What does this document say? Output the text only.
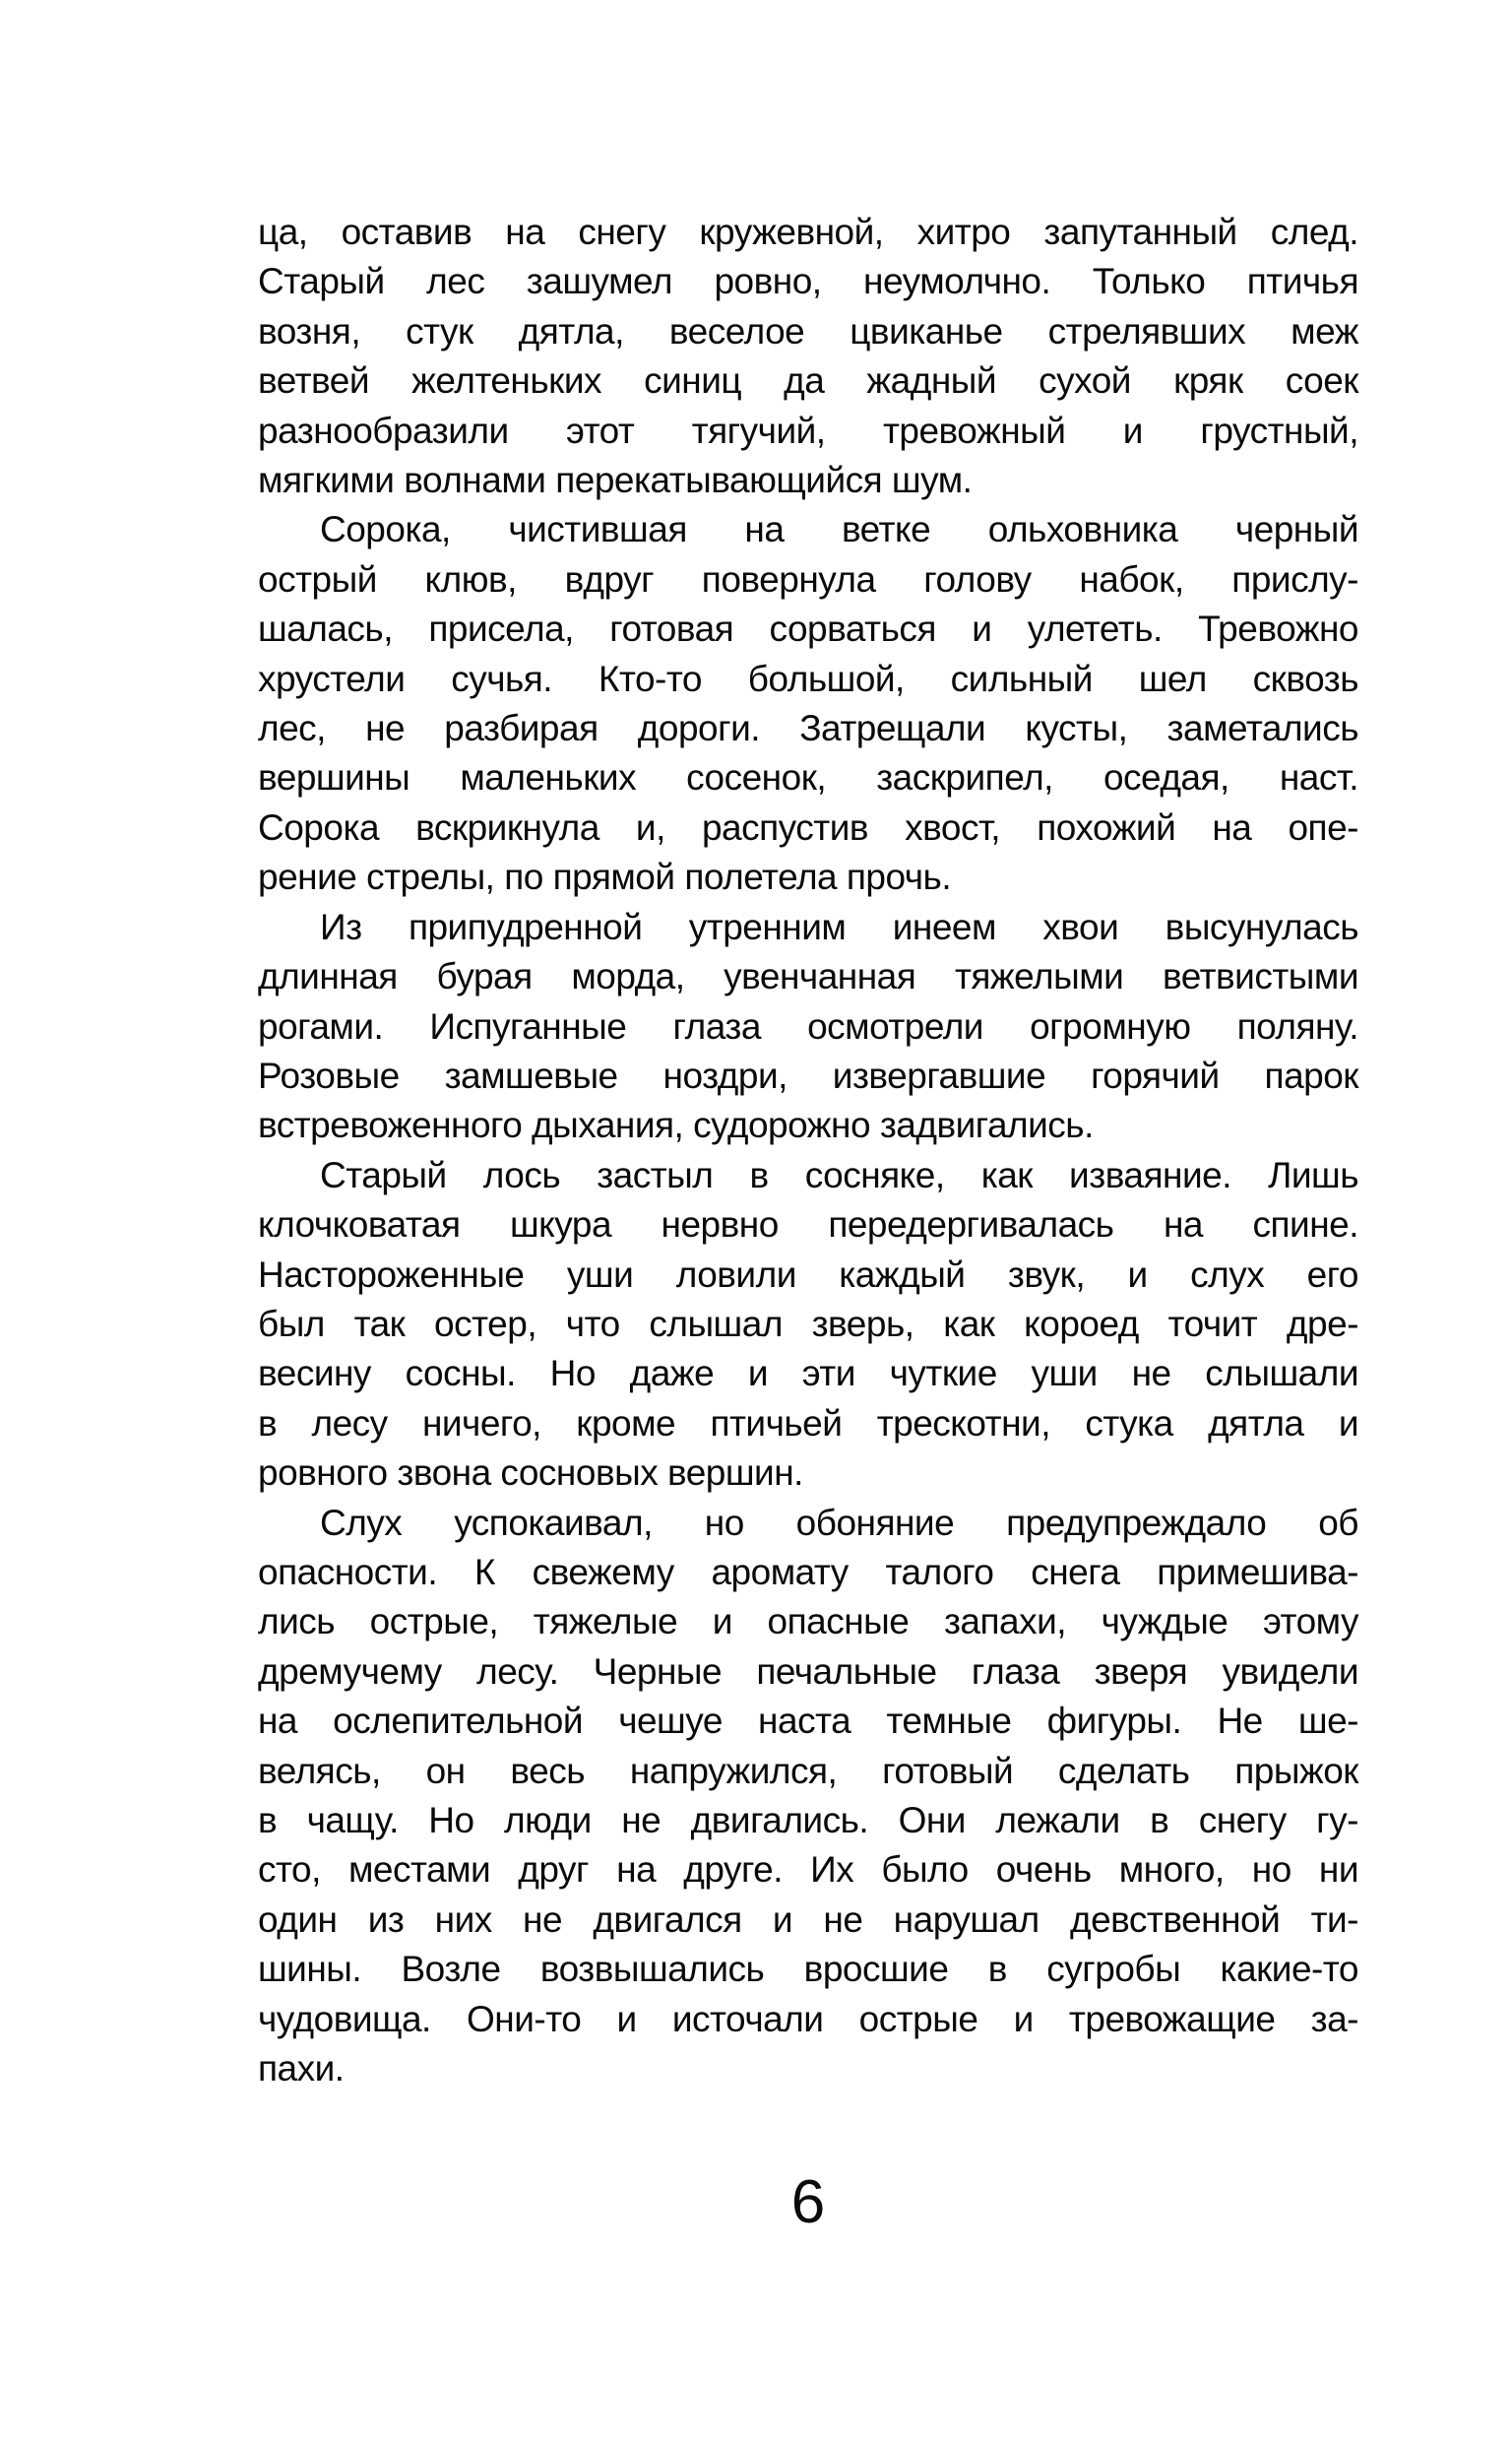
ца, оставив на снегу кружевной, хитро запутанный след.
Старый лес зашумел ровно, неумолчно. Только птичья
возня, стук дятла, веселое цвиканье стрелявших меж
ветвей желтеньких синиц да жадный сухой кряк соек
разнообразили этот тягучий, тревожный и грустный,
мягкими волнами перекатывающийся шум.
Сорока, чистившая на ветке ольховника черный
острый клюв, вдруг повернула голову набок, прислу-
шалась, присела, готовая сорваться и улететь. Тревожно
хрустели сучья. Кто-то большой, сильный шел сквозь
лес, не разбирая дороги. Затрещали кусты, заметались
вершины маленьких сосенок, заскрипел, оседая, наст.
Сорока вскрикнула и, распустив хвост, похожий на опе-
рение стрелы, по прямой полетела прочь.
Из припудренной утренним инеем хвои высунулась
длинная бурая морда, увенчанная тяжелыми ветвистыми
рогами. Испуганные глаза осмотрели огромную поляну.
Розовые замшевые ноздри, извергавшие горячий парок
встревоженного дыхания, судорожно задвигались.
Старый лось застыл в сосняке, как изваяние. Лишь
клочковатая шкура нервно передергивалась на спине.
Настороженные уши ловили каждый звук, и слух его
был так остер, что слышал зверь, как короед точит дре-
весину сосны. Но даже и эти чуткие уши не слышали
в лесу ничего, кроме птичьей трескотни, стука дятла и
ровного звона сосновых вершин.
Слух успокаивал, но обоняние предупреждало об
опасности. К свежему аромату талого снега примешива-
лись острые, тяжелые и опасные запахи, чуждые этому
дремучему лесу. Черные печальные глаза зверя увидели
на ослепительной чешуе наста темные фигуры. Не ше-
велясь, он весь напружился, готовый сделать прыжок
в чащу. Но люди не двигались. Они лежали в снегу гу-
сто, местами друг на друге. Их было очень много, но ни
один из них не двигался и не нарушал девственной ти-
шины. Возле возвышались вросшие в сугробы какие-то
чудовища. Они-то и источали острые и тревожащие за-
пахи.
6
